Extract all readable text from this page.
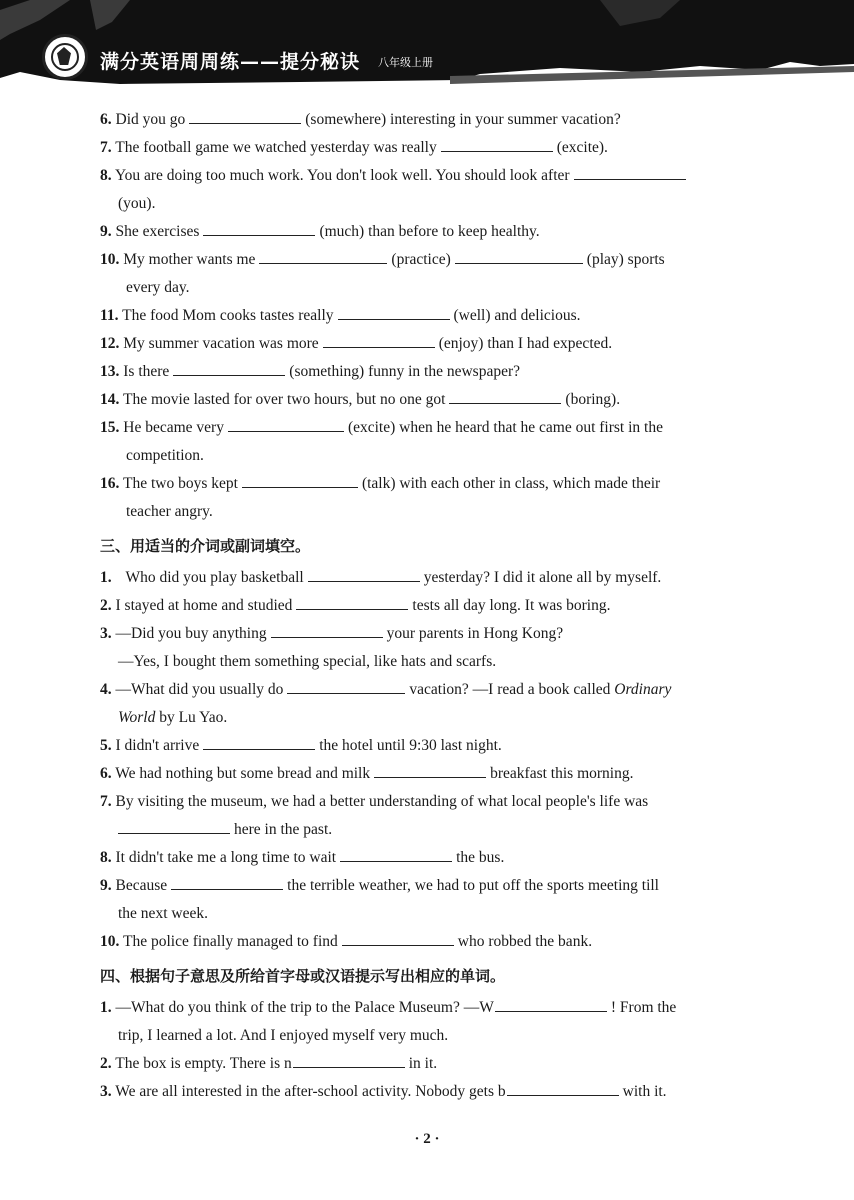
满分英语周周练——提分秘诀 八年级上册
6. Did you go	(somewhere) interesting in your summer vacation?
7. The football game we watched yesterday was really	(excite).
8. You are doing too much work. You don't look well. You should look after
(you).
9. She exercises	(much) than before to keep healthy.
10. My mother wants me	(practice)	(play) sports
every day.
11. The food Mom cooks tastes really	(well) and delicious.
12. My summer vacation was more	(enjoy) than I had expected.
13. Is there	(something) funny in the newspaper?
14. The movie lasted for over two hours, but no one got	(boring).
15. He became very	(excite) when he heard that he came out first in the
competition.
16. The two boys kept	(talk) with each other in class, which made their
teacher angry.
三、用适当的介词或副词填空。
1. Who did you play basketball	yesterday? I did it alone all by myself.
2. I stayed at home and studied	tests all day long. It was boring.
3. —Did you buy anything	your parents in Hong Kong?
—Yes, I bought them something special, like hats and scarfs.
4. —What did you usually do	vacation? —I read a book called Ordinary
World by Lu Yao.
5. I didn't arrive	the hotel until 9:30 last night.
6. We had nothing but some bread and milk	breakfast this morning.
7. By visiting the museum, we had a better understanding of what local people's life was
here in the past.
8. It didn't take me a long time to wait	the bus.
9. Because	the terrible weather, we had to put off the sports meeting till
the next week.
10. The police finally managed to find	who robbed the bank.
四、根据句子意思及所给首字母或汉语提示写出相应的单词。
1. —What do you think of the trip to the Palace Museum? —W	! From the
trip, I learned a lot. And I enjoyed myself very much.
2. The box is empty. There is n	in it.
3. We are all interested in the after-school activity. Nobody gets b	with it.
· 2 ·
